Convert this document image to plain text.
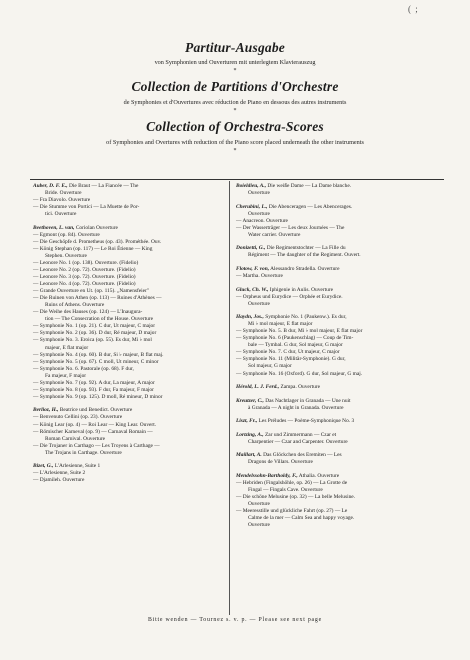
( ;
Partitur-Ausgabe
von Symphonien und Ouverturen mit unterlegtem Klavierauszug
*
Collection de Partitions d'Orchestre
de Symphonies et d'Ouvertures avec réduction de Piano en dessous des autres instruments
*
Collection of Orchestra-Scores
of Symphonies and Overtures with reduction of the Piano score placed underneath the other instruments
*
Auber, D. F. E., Die Braut — La Fiancée — The
Bride. Ouverture
— Fra Diavolo. Ouverture
— Die Stumme von Portici — La Muette de Por-
tici. Ouverture
Beethoven, L. van, Coriolan Ouverture
— Egmont (op. 84). Ouverture
— Die Geschöpfe d. Prometheus (op. 43). Prométhée. Ouv.
— König Stephan (op. 117) — Le Roi Étienne — King
Stephen. Ouverture
— Leonore No. 1 (op. 138). Ouverture. (Fidelio)
— Leonore No. 2 (op. 72). Ouverture. (Fidelio)
— Leonore No. 3 (op. 72). Ouverture. (Fidelio)
— Leonore No. 4 (op. 72). Ouverture. (Fidelio)
— Grande Ouverture en Ut. (op. 115). „Namensfeier"
— Die Ruinen von Athen (op. 113) — Ruines d'Athènes —
Ruins of Athens. Ouverture
— Die Weihe des Hauses (op. 124) — L'Inaugura-
tion — The Consecration of the House. Ouverture
— Symphonie No. 1 (op. 21). C dur, Ut majeur, C major
— Symphonie No. 2 (op. 36). D dur, Ré majeur, D major
— Symphonie No. 3. Eroica (op. 55). Es dur, Mi ♭ mol
majeur, E flat major
— Symphonie No. 4 (op. 60). B dur, Si ♭ majeur, B flat maj.
— Symphonie No. 5 (op. 67). C moll, Ut mineur, C minor
— Symphonie No. 6. Pastorale (op. 68). F dur,
Fa majeur, F major
— Symphonie No. 7 (op. 92). A dur, La majeur, A major
— Symphonie No. 8 (op. 93). F dur, Fa majeur, F major
— Symphonie No. 9 (op. 125). D moll, Ré mineur, D minor
Berlioz, H., Beatrice und Benedict. Ouverture
— Benvenuto Cellini (op. 23). Ouverture
— König Lear (op. 4) — Roi Lear — King Lear. Ouvert.
— Römischer Karneval (op. 9) — Carnaval Romain —
Roman Carnival. Ouverture
— Die Trojaner in Carthago — Les Troyens à Carthage —
The Trojans in Carthage. Ouverture
Bizet, G., L'Arlesienne, Suite 1
— L'Arlesienne, Suite 2
— Djamileh. Ouverture
Boieldieu, A., Die weiße Dame — La Dame blanche.
Ouverture
Cherubini, L., Die Abenceragen — Les Abencerages.
Ouverture
— Anacreon. Ouverture
— Der Wasserträger — Les deux Journées — The
Water carrier. Ouverture
Donizetti, G., Die Regimentstochter — La Fille du
Régiment — The daughter of the Regiment. Ouvert.
Flotow, F. von, Alessandro Stradella. Ouverture
— Martha. Ouverture
Gluck, Ch. W., Iphigenie in Aulis. Ouverture
— Orpheus und Eurydice — Orphée et Eurydice.
Ouverture
Haydn, Jos., Symphonie No. 1 (Paukenw.). Es dur,
Mi ♭ mol majeur, E flat major
— Symphonie No. 5. B dur, Mi ♭ mol majeur, E flat major
— Symphonie No. 6 (Paukenschlag) — Coup de Tim-
bale — Tymbal. G dur, Sol majeur, G major
— Symphonie No. 7. C dur, Ut majeur, C major
— Symphonie No. 11 (Militär-Symphonie). G dur,
Sol majeur, G major
— Symphonie No. 16 (Oxford). G dur, Sol majeur, G maj.
Hérold, L. J. Ferd., Zampa. Ouverture
Kreutzer, C., Das Nachtlager in Granada — Une nuit
à Granada — A night in Granada. Ouverture
Liszt, Fr., Les Préludes — Poème-Symphonique No. 3
Lortzing, A., Zar und Zimmermann — Czar et
Charpentier — Czar and Carpenter. Ouverture
Maillart, A. Das Glöckchen des Eremiten — Les
Dragons de Villars. Ouverture
Mendelssohn-Bartholdy, F., Athalia. Ouverture
— Hebriden (Fingalshöhle, op. 26) — La Grotte de
Fingal — Fingals Cave. Ouverture
— Die schöne Melusine (op. 32) — La belle Melusine.
Ouverture
— Meeresstille und glückliche Fahrt (op. 27) — Le
Calme de la mer — Calm Sea and happy voyage.
Ouverture
Bitte wenden — Tournez s. v. p. — Please see next page
